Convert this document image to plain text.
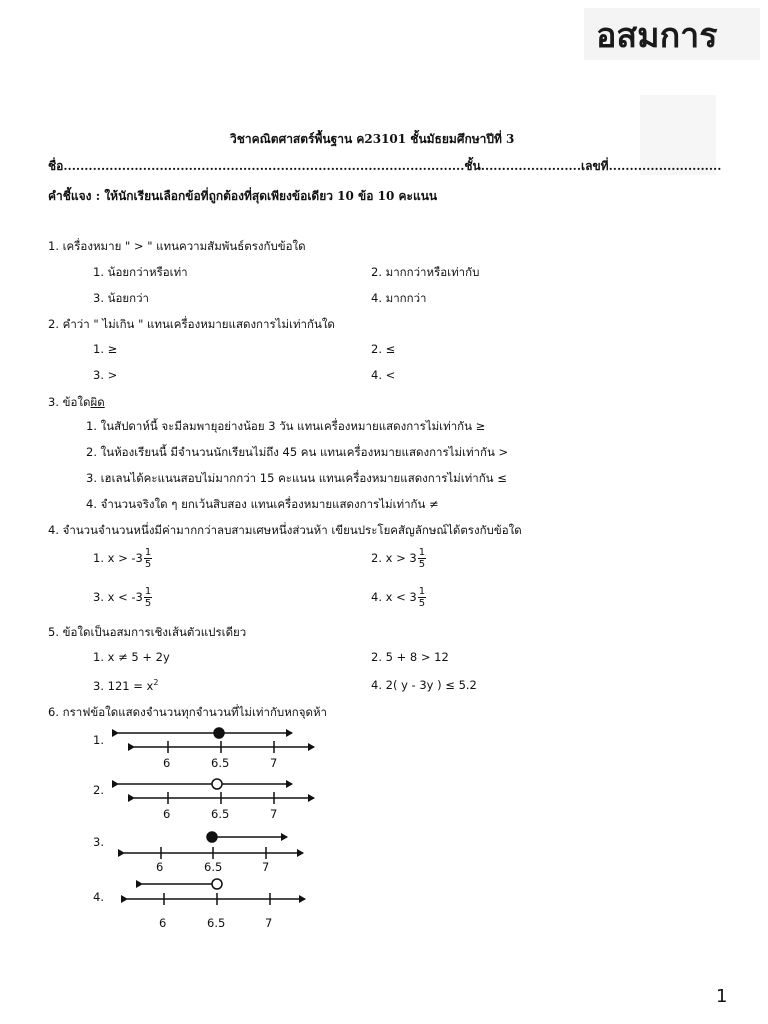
อสมการ
วิชาคณิตศาสตร์พื้นฐาน ค23101 ชั้นมัธยมศึกษาปีที่ 3
ชื่อ................................................................................................ชั้น........................เลขที่...........................
คำชี้แจง : ให้นักเรียนเลือกข้อที่ถูกต้องที่สุดเพียงข้อเดียว 10 ข้อ 10 คะแนน
1. เครื่องหมาย " > " แทนความสัมพันธ์ตรงกับข้อใด
1. น้อยกว่าหรือเท่า	2. มากกว่าหรือเท่ากับ
3. น้อยกว่า	4. มากกว่า
2. คำว่า " ไม่เกิน " แทนเครื่องหมายแสดงการไม่เท่ากันใด
1. ≥	2. ≤
3. >	4. <
3. ข้อใดผิด
1. ในสัปดาห์นี้ จะมีลมพายุอย่างน้อย 3 วัน แทนเครื่องหมายแสดงการไม่เท่ากัน ≥
2. ในห้องเรียนนี้ มีจำนวนนักเรียนไม่ถึง 45 คน แทนเครื่องหมายแสดงการไม่เท่ากัน >
3. เฮเลนได้คะแนนสอบไม่มากกว่า 15 คะแนน แทนเครื่องหมายแสดงการไม่เท่ากัน ≤
4. จำนวนจริงใด ๆ ยกเว้นสิบสอง แทนเครื่องหมายแสดงการไม่เท่ากัน ≠
4. จำนวนจำนวนหนึ่งมีค่ามากกว่าลบสามเศษหนึ่งส่วนห้า เขียนประโยคสัญลักษณ์ได้ตรงกับข้อใด
1. $x > -3 \frac{1}{5}$	2. $x > 3 \frac{1}{5}$
3. $x < -3 \frac{1}{5}$	4. $x < 3 \frac{1}{5}$
5. ข้อใดเป็นอสมการเชิงเส้นตัวแปรเดียว
1. x ≠ 5 + 2y	2. 5 + 8 > 12
3. $121 = x^2$	4. 2( y - 3y ) ≤ 5.2
6. กราฟข้อใดแสดงจำนวนทุกจำนวนที่ไม่เท่ากับหกจุดห้า
1.
2.
3.
4.
6	6.5	7
6	6.5	7
6	6.5	7
6	6.5	7
1
